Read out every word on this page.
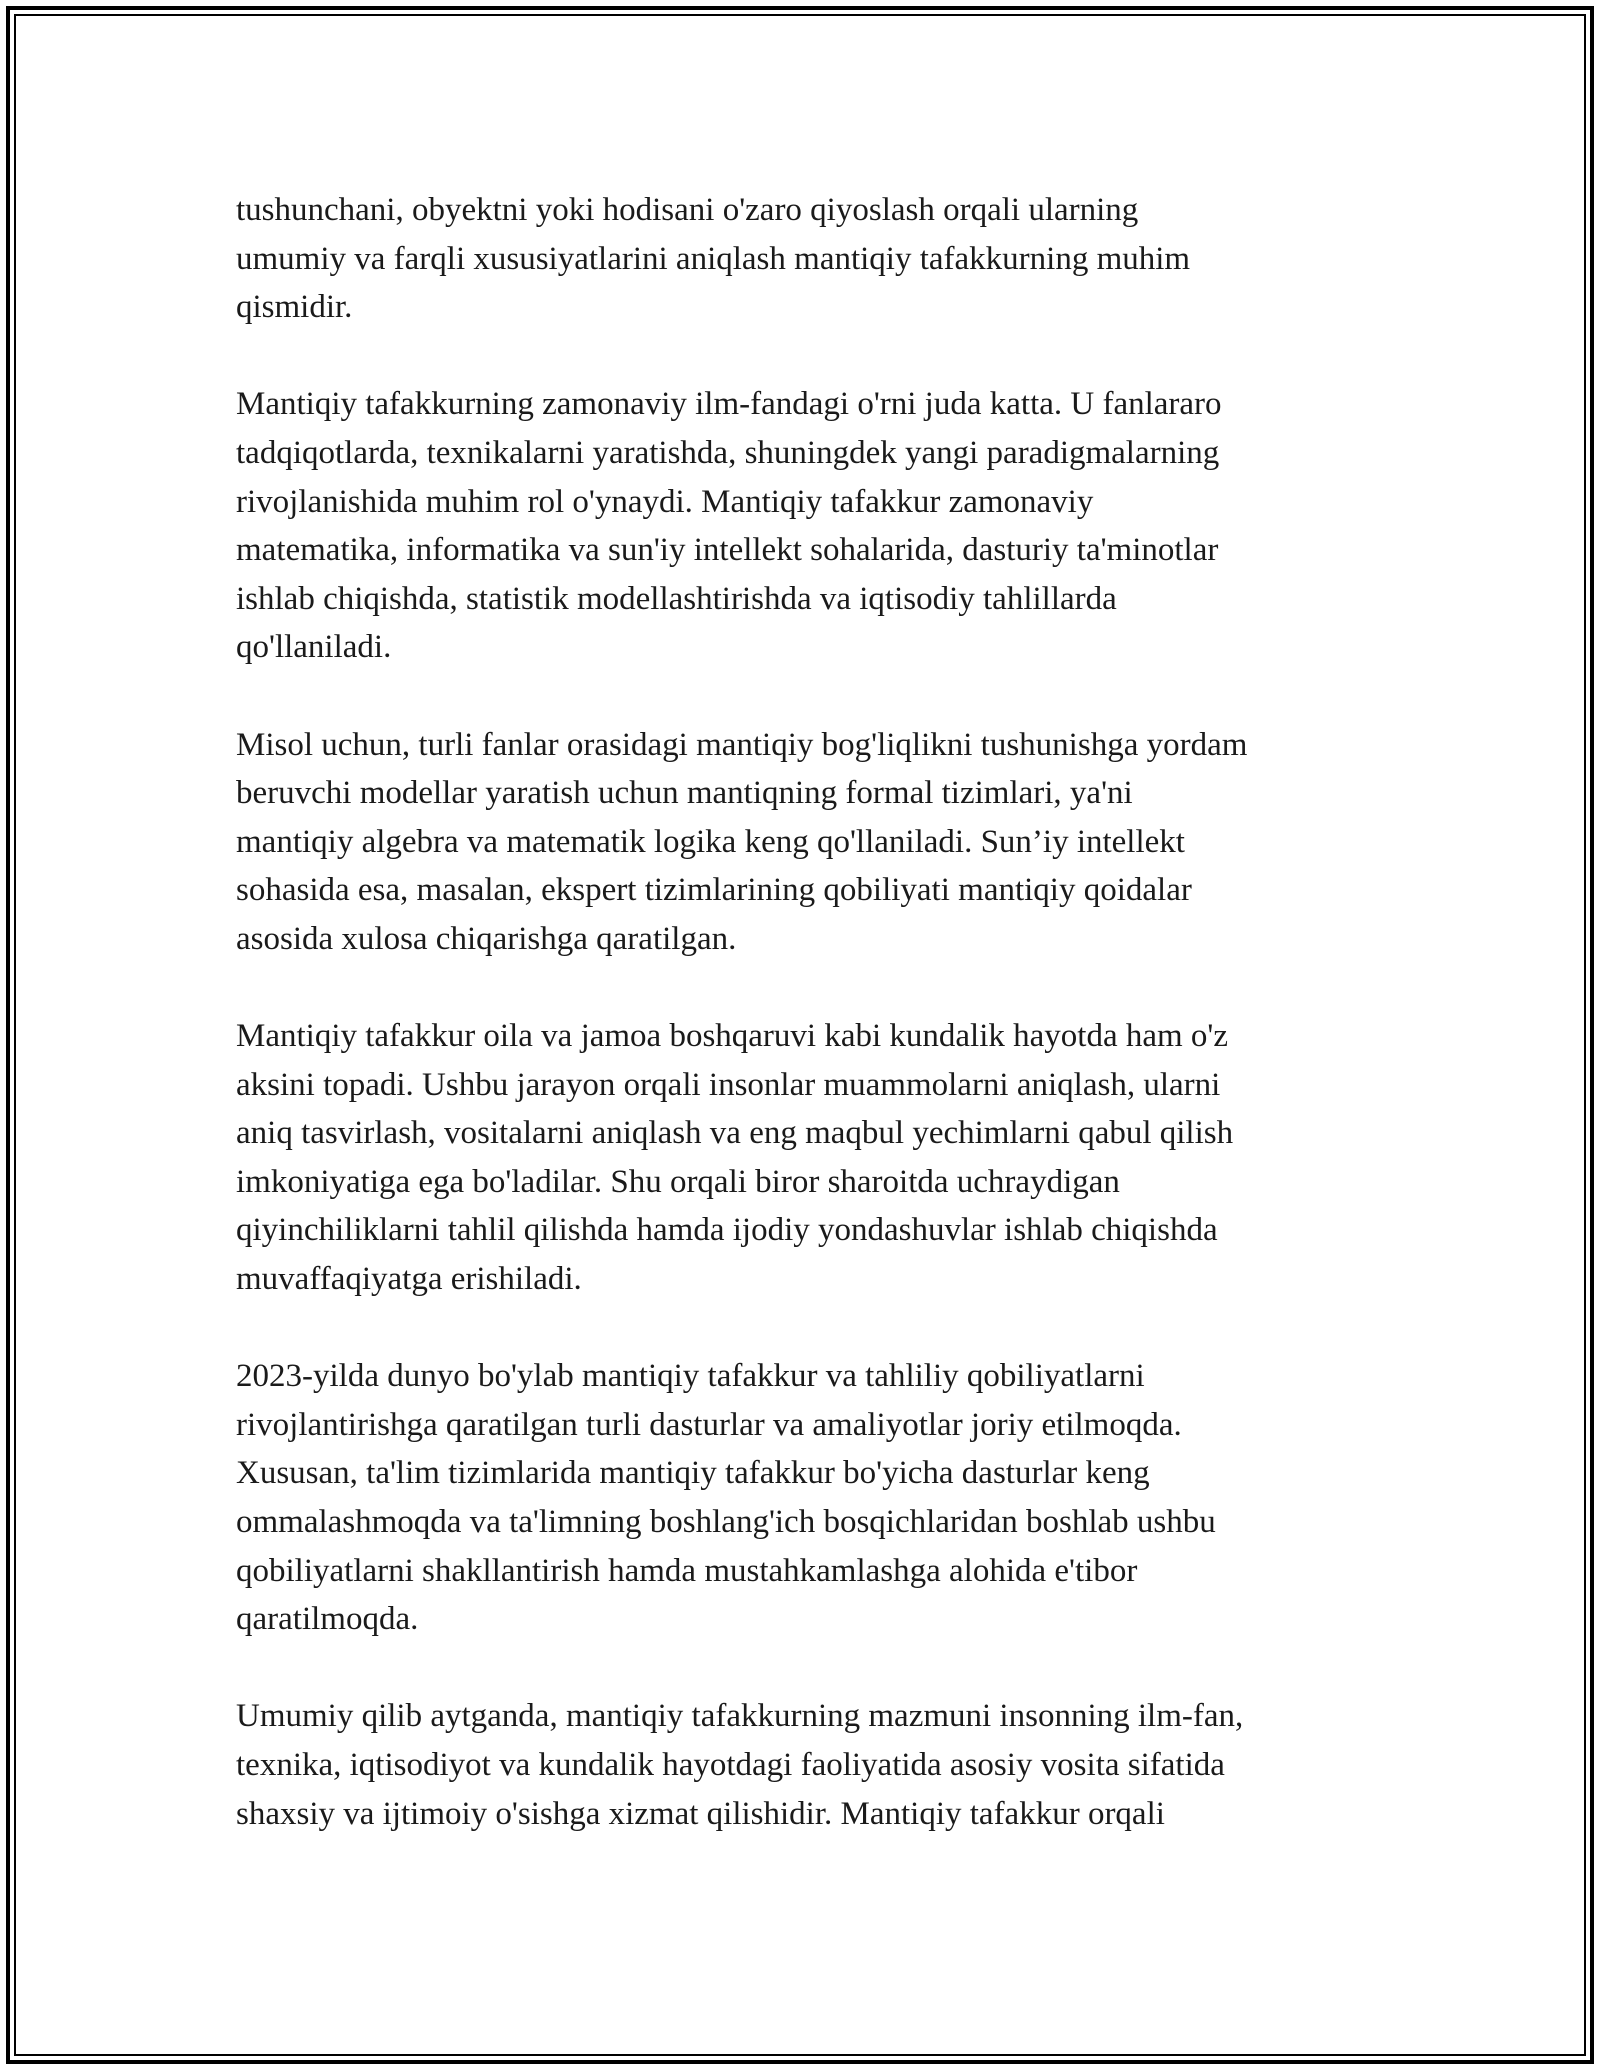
tushunchani, obyektni yoki hodisani o'zaro qiyoslash orqali ularning
umumiy va farqli xususiyatlarini aniqlash mantiqiy tafakkurning muhim
qismidir.

Mantiqiy tafakkurning zamonaviy ilm-fandagi o'rni juda katta. U fanlararo
tadqiqotlarda, texnikalarni yaratishda, shuningdek yangi paradigmalarning
rivojlanishida muhim rol o'ynaydi. Mantiqiy tafakkur zamonaviy
matematika, informatika va sun'iy intellekt sohalarida, dasturiy ta'minotlar
ishlab chiqishda, statistik modellashtirishda va iqtisodiy tahlillarda
qo'llaniladi.

Misol uchun, turli fanlar orasidagi mantiqiy bog'liqlikni tushunishga yordam
beruvchi modellar yaratish uchun mantiqning formal tizimlari, ya'ni
mantiqiy algebra va matematik logika keng qo'llaniladi. Sun’iy intellekt
sohasida esa, masalan, ekspert tizimlarining qobiliyati mantiqiy qoidalar
asosida xulosa chiqarishga qaratilgan.

Mantiqiy tafakkur oila va jamoa boshqaruvi kabi kundalik hayotda ham o'z
aksini topadi. Ushbu jarayon orqali insonlar muammolarni aniqlash, ularni
aniq tasvirlash, vositalarni aniqlash va eng maqbul yechimlarni qabul qilish
imkoniyatiga ega bo'ladilar. Shu orqali biror sharoitda uchraydigan
qiyinchiliklarni tahlil qilishda hamda ijodiy yondashuvlar ishlab chiqishda
muvaffaqiyatga erishiladi.

2023-yilda dunyo bo'ylab mantiqiy tafakkur va tahliliy qobiliyatlarni
rivojlantirishga qaratilgan turli dasturlar va amaliyotlar joriy etilmoqda.
Xususan, ta'lim tizimlarida mantiqiy tafakkur bo'yicha dasturlar keng
ommalashmoqda va ta'limning boshlang'ich bosqichlaridan boshlab ushbu
qobiliyatlarni shakllantirish hamda mustahkamlashga alohida e'tibor
qaratilmoqda.

Umumiy qilib aytganda, mantiqiy tafakkurning mazmuni insonning ilm-fan,
texnika, iqtisodiyot va kundalik hayotdagi faoliyatida asosiy vosita sifatida
shaxsiy va ijtimoiy o'sishga xizmat qilishidir. Mantiqiy tafakkur orqali
